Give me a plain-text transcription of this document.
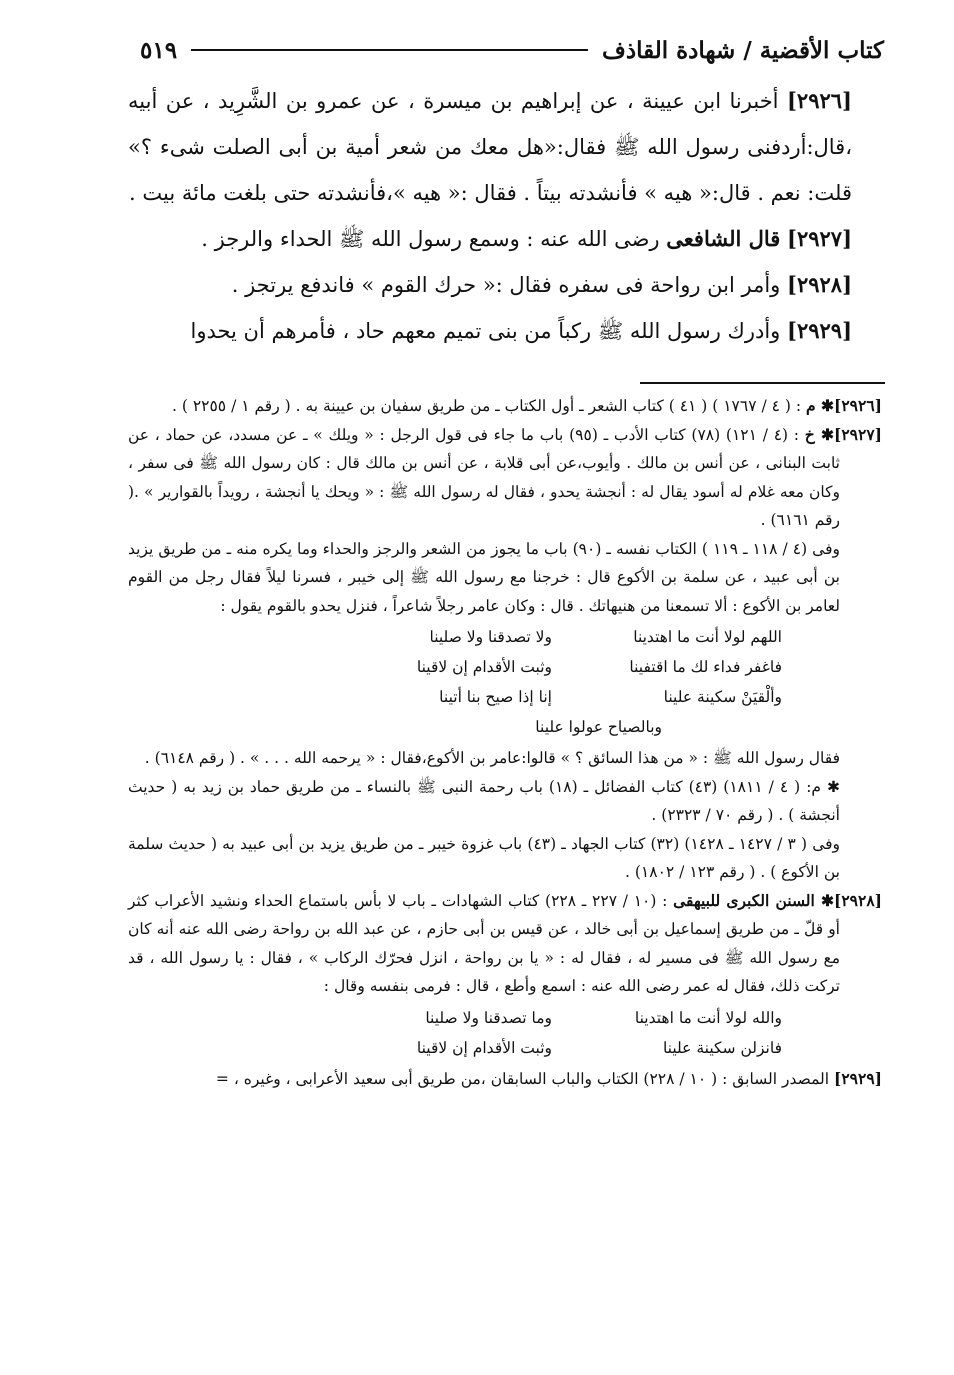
كتاب الأقضية / شهادة القاذف
٥١٩

[٢٩٢٦] أخبرنا ابن عيينة ، عن إبراهيم بن ميسرة ، عن عمرو بن الشَّرِيد ، عن أبيه ،قال:أردفنى رسول الله ﷺ فقال:«هل معك من شعر أمية بن أبى الصلت شىء ؟» قلت: نعم . قال:« هيه » فأنشدته بيتاً . فقال :« هيه »،فأنشدته حتى بلغت مائة بيت .

[٢٩٢٧] قال الشافعى رضى الله عنه : وسمع رسول الله ﷺ الحداء والرجز .

[٢٩٢٨] وأمر ابن رواحة فى سفره فقال :« حرك القوم » فاندفع يرتجز .

[٢٩٢٩] وأدرك رسول الله ﷺ ركباً من بنى تميم معهم حاد ، فأمرهم أن يحدوا

[٢٩٢٦]✱ م : ( ٤ / ١٧٦٧ ) ( ٤١ ) كتاب الشعر ـ أول الكتاب ـ من طريق سفيان بن عيينة به . ( رقم ١ / ٢٢٥٥ ) .

[٢٩٢٧]✱ خ : (٤ / ١٢١) (٧٨) كتاب الأدب ـ (٩٥) باب ما جاء فى قول الرجل : « ويلك » ـ عن مسدد، عن حماد ، عن ثابت البنانى ، عن أنس بن مالك . وأيوب،عن أبى قلابة ، عن أنس بن مالك قال : كان رسول الله ﷺ فى سفر ، وكان معه غلام له أسود يقال له : أنجشة يحدو ، فقال له رسول الله ﷺ : « ويحك يا أنجشة ، رويداً بالقوارير » .( رقم ٦١٦١) .

وفى (٤ / ١١٨ ـ ١١٩ ) الكتاب نفسه ـ (٩٠) باب ما يجوز من الشعر والرجز والحداء وما يكره منه ـ من طريق يزيد بن أبى عبيد ، عن سلمة بن الأكوع قال : خرجنا مع رسول الله ﷺ إلى خيبر ، فسرنا ليلاً فقال رجل من القوم لعامر بن الأكوع : ألا تسمعنا من هنيهاتك . قال : وكان عامر رجلاً شاعراً ، فنزل يحدو بالقوم يقول :

اللهم لولا أنت ما اهتدينا
ولا تصدقنا ولا صلينا
فاغفر فداء لك ما اقتفينا
وثبت الأقدام إن لاقينا
وألْقيَنْ سكينة علينا
إنا إذا صيح بنا أتينا
وبالصياح عولوا علينا

فقال رسول الله ﷺ : « من هذا السائق ؟ » قالوا:عامر بن الأكوع،فقال : « يرحمه الله . . . » . ( رقم ٦١٤٨) .

✱ م: ( ٤ / ١٨١١) (٤٣) كتاب الفضائل ـ (١٨) باب رحمة النبى ﷺ بالنساء ـ من طريق حماد بن زيد به ( حديث أنجشة ) . ( رقم ٧٠ / ٢٣٢٣) .

وفى ( ٣ / ١٤٢٧ ـ ١٤٢٨) (٣٢) كتاب الجهاد ـ (٤٣) باب غزوة خيبر ـ من طريق يزيد بن أبى عبيد به ( حديث سلمة بن الأكوع ) . ( رقم ١٢٣ / ١٨٠٢) .

[٢٩٢٨]✱ السنن الكبرى للبيهقى : (١٠ / ٢٢٧ ـ ٢٢٨) كتاب الشهادات ـ باب لا بأس باستماع الحداء ونشيد الأعراب كثر أو قلّ ـ من طريق إسماعيل بن أبى خالد ، عن قيس بن أبى حازم ، عن عبد الله بن رواحة رضى الله عنه أنه كان مع رسول الله ﷺ فى مسير له ، فقال له : « يا بن رواحة ، انزل فحرّك الركاب » ، فقال : يا رسول الله ، قد تركت ذلك، فقال له عمر رضى الله عنه : اسمع وأطع ، قال : فرمى بنفسه وقال :

والله لولا أنت ما اهتدينا
وما تصدقنا ولا صلينا
فانزلن سكينة علينا
وثبت الأقدام إن لاقينا

[٢٩٢٩] المصدر السابق : ( ١٠ / ٢٢٨) الكتاب والباب السابقان ،من طريق أبى سعيد الأعرابى ، وغيره ، =
